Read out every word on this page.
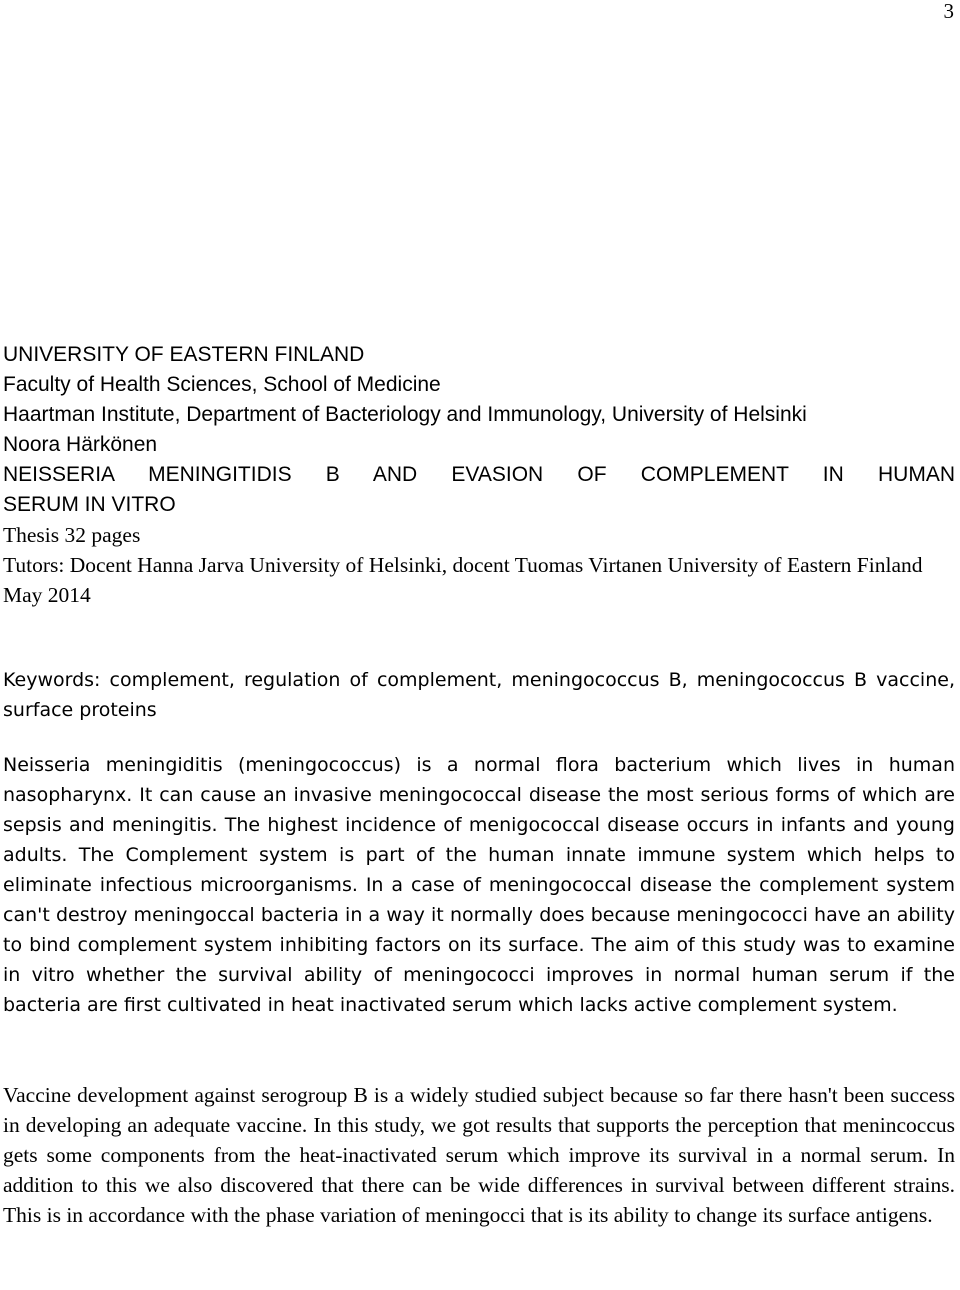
3
UNIVERSITY OF EASTERN FINLAND
Faculty of Health Sciences, School of Medicine
Haartman Institute, Department of Bacteriology and Immunology, University of Helsinki
Noora Härkönen
NEISSERIA MENINGITIDIS B AND EVASION OF COMPLEMENT IN HUMAN
SERUM IN VITRO
Thesis 32 pages
Tutors: Docent Hanna Jarva University of Helsinki, docent Tuomas Virtanen University of Eastern Finland
May 2014

Keywords: complement, regulation of complement, meningococcus B, meningococcus B vaccine, surface proteins

Neisseria meningiditis (meningococcus) is a normal flora bacterium which lives in human nasopharynx. It can cause an invasive meningococcal disease the most serious forms of which are sepsis and meningitis. The highest incidence of menigococcal disease occurs in infants and young adults. The Complement system is part of the human innate immune system which helps to eliminate infectious microorganisms. In a case of meningococcal disease the complement system can't destroy meningoccal bacteria in a way it normally does because meningococci have an ability to bind complement system inhibiting factors on its surface. The aim of this study was to examine in vitro whether the survival ability of meningococci improves in normal human serum if the bacteria are first cultivated in heat inactivated serum which lacks active complement system.

Vaccine development against serogroup B is a widely studied subject because so far there hasn't been success in developing an adequate vaccine. In this study, we got results that supports the perception that menincoccus gets some components from the heat-inactivated serum which improve its survival in a normal serum. In addition to this we also discovered that there can be wide differences in survival between different strains. This is in accordance with the phase variation of meningocci that is its ability to change its surface antigens.
